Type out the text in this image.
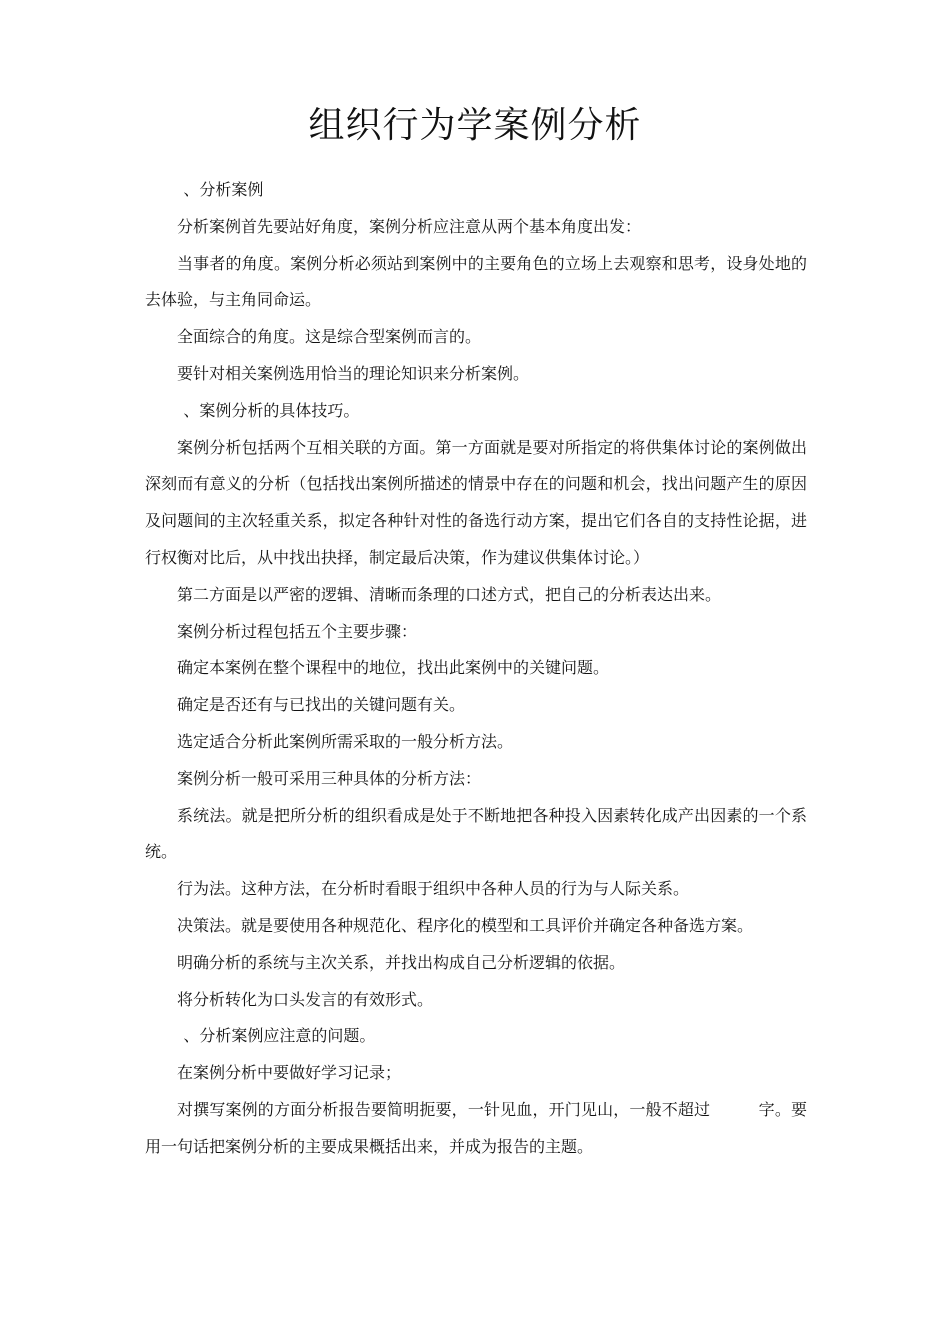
组织行为学案例分析

、分析案例

分析案例首先要站好角度，案例分析应注意从两个基本角度出发：

当事者的角度。案例分析必须站到案例中的主要角色的立场上去观察和思考，设身处地的去体验，与主角同命运。

全面综合的角度。这是综合型案例而言的。

要针对相关案例选用恰当的理论知识来分析案例。

、案例分析的具体技巧。

案例分析包括两个互相关联的方面。第一方面就是要对所指定的将供集体讨论的案例做出深刻而有意义的分析（包括找出案例所描述的情景中存在的问题和机会，找出问题产生的原因及问题间的主次轻重关系，拟定各种针对性的备选行动方案，提出它们各自的支持性论据，进行权衡对比后，从中找出抉择，制定最后决策，作为建议供集体讨论。）

第二方面是以严密的逻辑、清晰而条理的口述方式，把自己的分析表达出来。

案例分析过程包括五个主要步骤：

确定本案例在整个课程中的地位，找出此案例中的关键问题。

确定是否还有与已找出的关键问题有关。

选定适合分析此案例所需采取的一般分析方法。

案例分析一般可采用三种具体的分析方法：

系统法。就是把所分析的组织看成是处于不断地把各种投入因素转化成产出因素的一个系统。

行为法。这种方法，在分析时看眼于组织中各种人员的行为与人际关系。

决策法。就是要使用各种规范化、程序化的模型和工具评价并确定各种备选方案。

明确分析的系统与主次关系，并找出构成自己分析逻辑的依据。

将分析转化为口头发言的有效形式。

、分析案例应注意的问题。

在案例分析中要做好学习记录；

对撰写案例的方面分析报告要简明扼要，一针见血，开门见山，一般不超过　　　字。要用一句话把案例分析的主要成果概括出来，并成为报告的主题。
